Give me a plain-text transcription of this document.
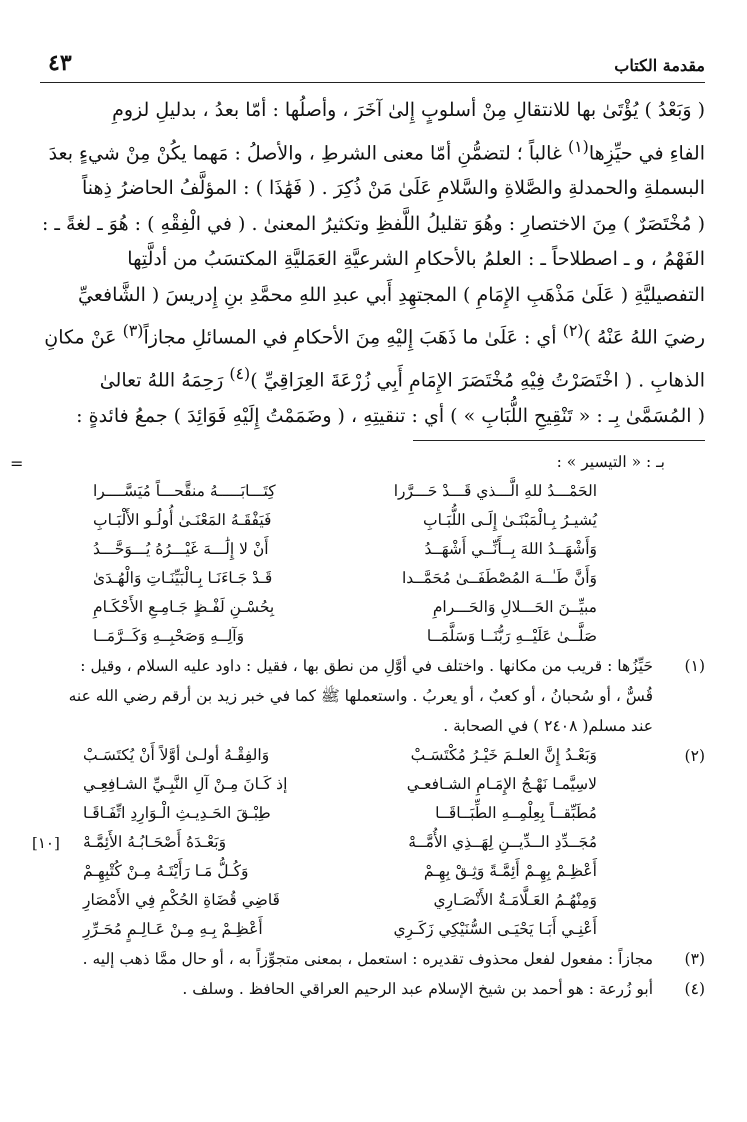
مقدمة الكتاب
٤٣

( وَبَعْدُ ) يُؤْتَىٰ بها للانتقالِ مِنْ أسلوبٍ إِلىٰ آخَرَ ، وأصلُها : أمّا بعدُ ، بدليلِ لزومِ

الفاءِ في حيِّزِها$^{(١)}$ غالباً ؛ لتضمُّنِ أمّا معنى الشرطِ ، والأصلُ : مَهما يكُنْ مِنْ شيءٍ بعدَ

البسملةِ والحمدلةِ والصَّلاةِ والسَّلامِ عَلَىٰ مَنْ ذُكِرَ . ( فَهَٰذَا ) : المؤلَّفُ الحاضرُ ذِهناً

( مُخْتَصَرٌ ) مِنَ الاختصارِ : وهُوَ تقليلُ اللَّفظِ وتكثيرُ المعنىٰ . ( في الْفِقْهِ ) : هُوَ ـ لغةً ـ :

الفَهْمُ ، و ـ اصطلاحاً ـ : العلمُ بالأحكامِ الشرعيَّةِ العَمَليَّةِ المكتسَبُ من أدلَّتِها

التفصيليَّةِ ( عَلَىٰ مَذْهَبِ الإِمَامِ ) المجتهِدِ أَبي عبدِ اللهِ محمَّدِ بنِ إِدريسَ ( الشَّافعيِّ

رضيَ اللهُ عَنْهُ )$^{(٢)}$ أي : عَلَىٰ ما ذَهَبَ إِليْهِ مِنَ الأحكامِ في المسائلِ مجازاً$^{(٣)}$ عَنْ مكانِ

الذهابِ . ( اخْتَصَرْتُ فِيْهِ مُخْتَصَرَ الإِمَامِ أَبِي زُرْعَةَ العِرَاقِيِّ )$^{(٤)}$ رَحِمَهُ اللهُ تعالىٰ

( المُسَمَّىٰ بِـ : « تَنْقِيحِ اللُّبَابِ » ) أي : تنقيتِهِ ، ( وضَمَمْتُ إِلَيْهِ فَوَائِدَ ) جمعُ فائدةٍ :

=	بـ : « التيسير » :

الحَمْـــدُ للهِ الَّـــذي قَـــدْ حَـــرَّرا	كِتَـــابَـــــهُ منقَّحـــاً مُيَسَّــــرا
يُشيـرُ بِـالْمَبْنَـىٰ إِلَـى اللُّبَـابِ	فَيَفْقَـهُ المَعْنَـىٰ أُولُـو الأَلْبَـابِ
وَأَشْهَــدُ اللهَ بِــأَنِّــي أَشْهَــدُ	أَنْ لا إِلَٰـــهَ غَيْـــرُهُ يُـــوَحَّـــدُ
وَأَنَّ طَـٰــهَ المُصْطَفَــىٰ مُحَمَّــدا	قَـدْ جَـاءَنَـا بِـالْبَيِّنَـاتِ وَالْهُـدَىٰ
مبيِّــنَ الحَـــلالِ وَالحَـــرامِ	بِحُسْـنِ لَفْـظٍ جَـامِـعِ الأَحْكَـامِ
صَلَّــىٰ عَلَيْــهِ رَبُّنَــا وَسَلَّمَــا	وَآلِــهِ وَصَحْبِــهِ وَكَــرَّمَــا
(١)
حَيِّزُها : قريب من مكانها . واختلف في أوَّلِ من نطق بها ، فقيل : داود عليه السلام ، وقيل :
قُسٌّ ، أو سُحبانُ ، أو كعبٌ ، أو يعربُ . واستعملها ﷺ كما في خبر زيد بن أرقم رضي الله عنه
عند مسلم( ٢٤٠٨ ) في الصحابة .
(٢)
وَبَعْـدُ إِنَّ العلـمَ خَيْـرُ مُكْتَسَـبْ	وَالفِقْـهُ أولـىٰ أوَّلاً أَنْ يُكتَسَـبْ
لاسِيَّمـا نَهْـجُ الإِمَـامِ الشـافعـي	إذ كَـانَ مِـنْ آلِ النَّبِـيِّ الشـافِعِـي
مُطَبِّقــاً بِعِلْمِــهِ الطِّبَــاقَــا	طِبْـقَ الحَـدِيـثِ الْـوَارِدِ اتِّفَـاقَـا
مُجَــدِّدِ الــدِّيــنِ لِهَــذِي الأُمَّــهْ	وَبَعْـدَهُ أَصْحَـابُـهُ الأَئِمَّـهْ
أَعْظِـمْ بِهِـمْ أَئِمَّـةً وَثِـقْ بِهِـمْ	وَكُـلُّ مَـا رَأَيْتَـهُ مِـنْ كُتْبِهِـمْ
وَمِنْهُـمُ العَـلَّامَـةُ الأَنْصَـارِي	قَاضِي قُضَاةِ الحُكْمِ فِي الأَمْصَارِ
أَعْنِـي أَبَـا يَحْيَـى السُّنَيْكِي زَكَـرِي	أَعْظِـمْ بِـهِ مِـنْ عَـالِـمٍ مُحَـرِّرِ
[١٠]
(٣)
مجازاً : مفعول لفعل محذوف تقديره : استعمل ، بمعنى متجوِّزاً به ، أو حال ممَّا ذهب إليه .
(٤)
أبو زُرعة : هو أحمد بن شيخ الإسلام عبد الرحيم العراقي الحافظ . وسلف .
